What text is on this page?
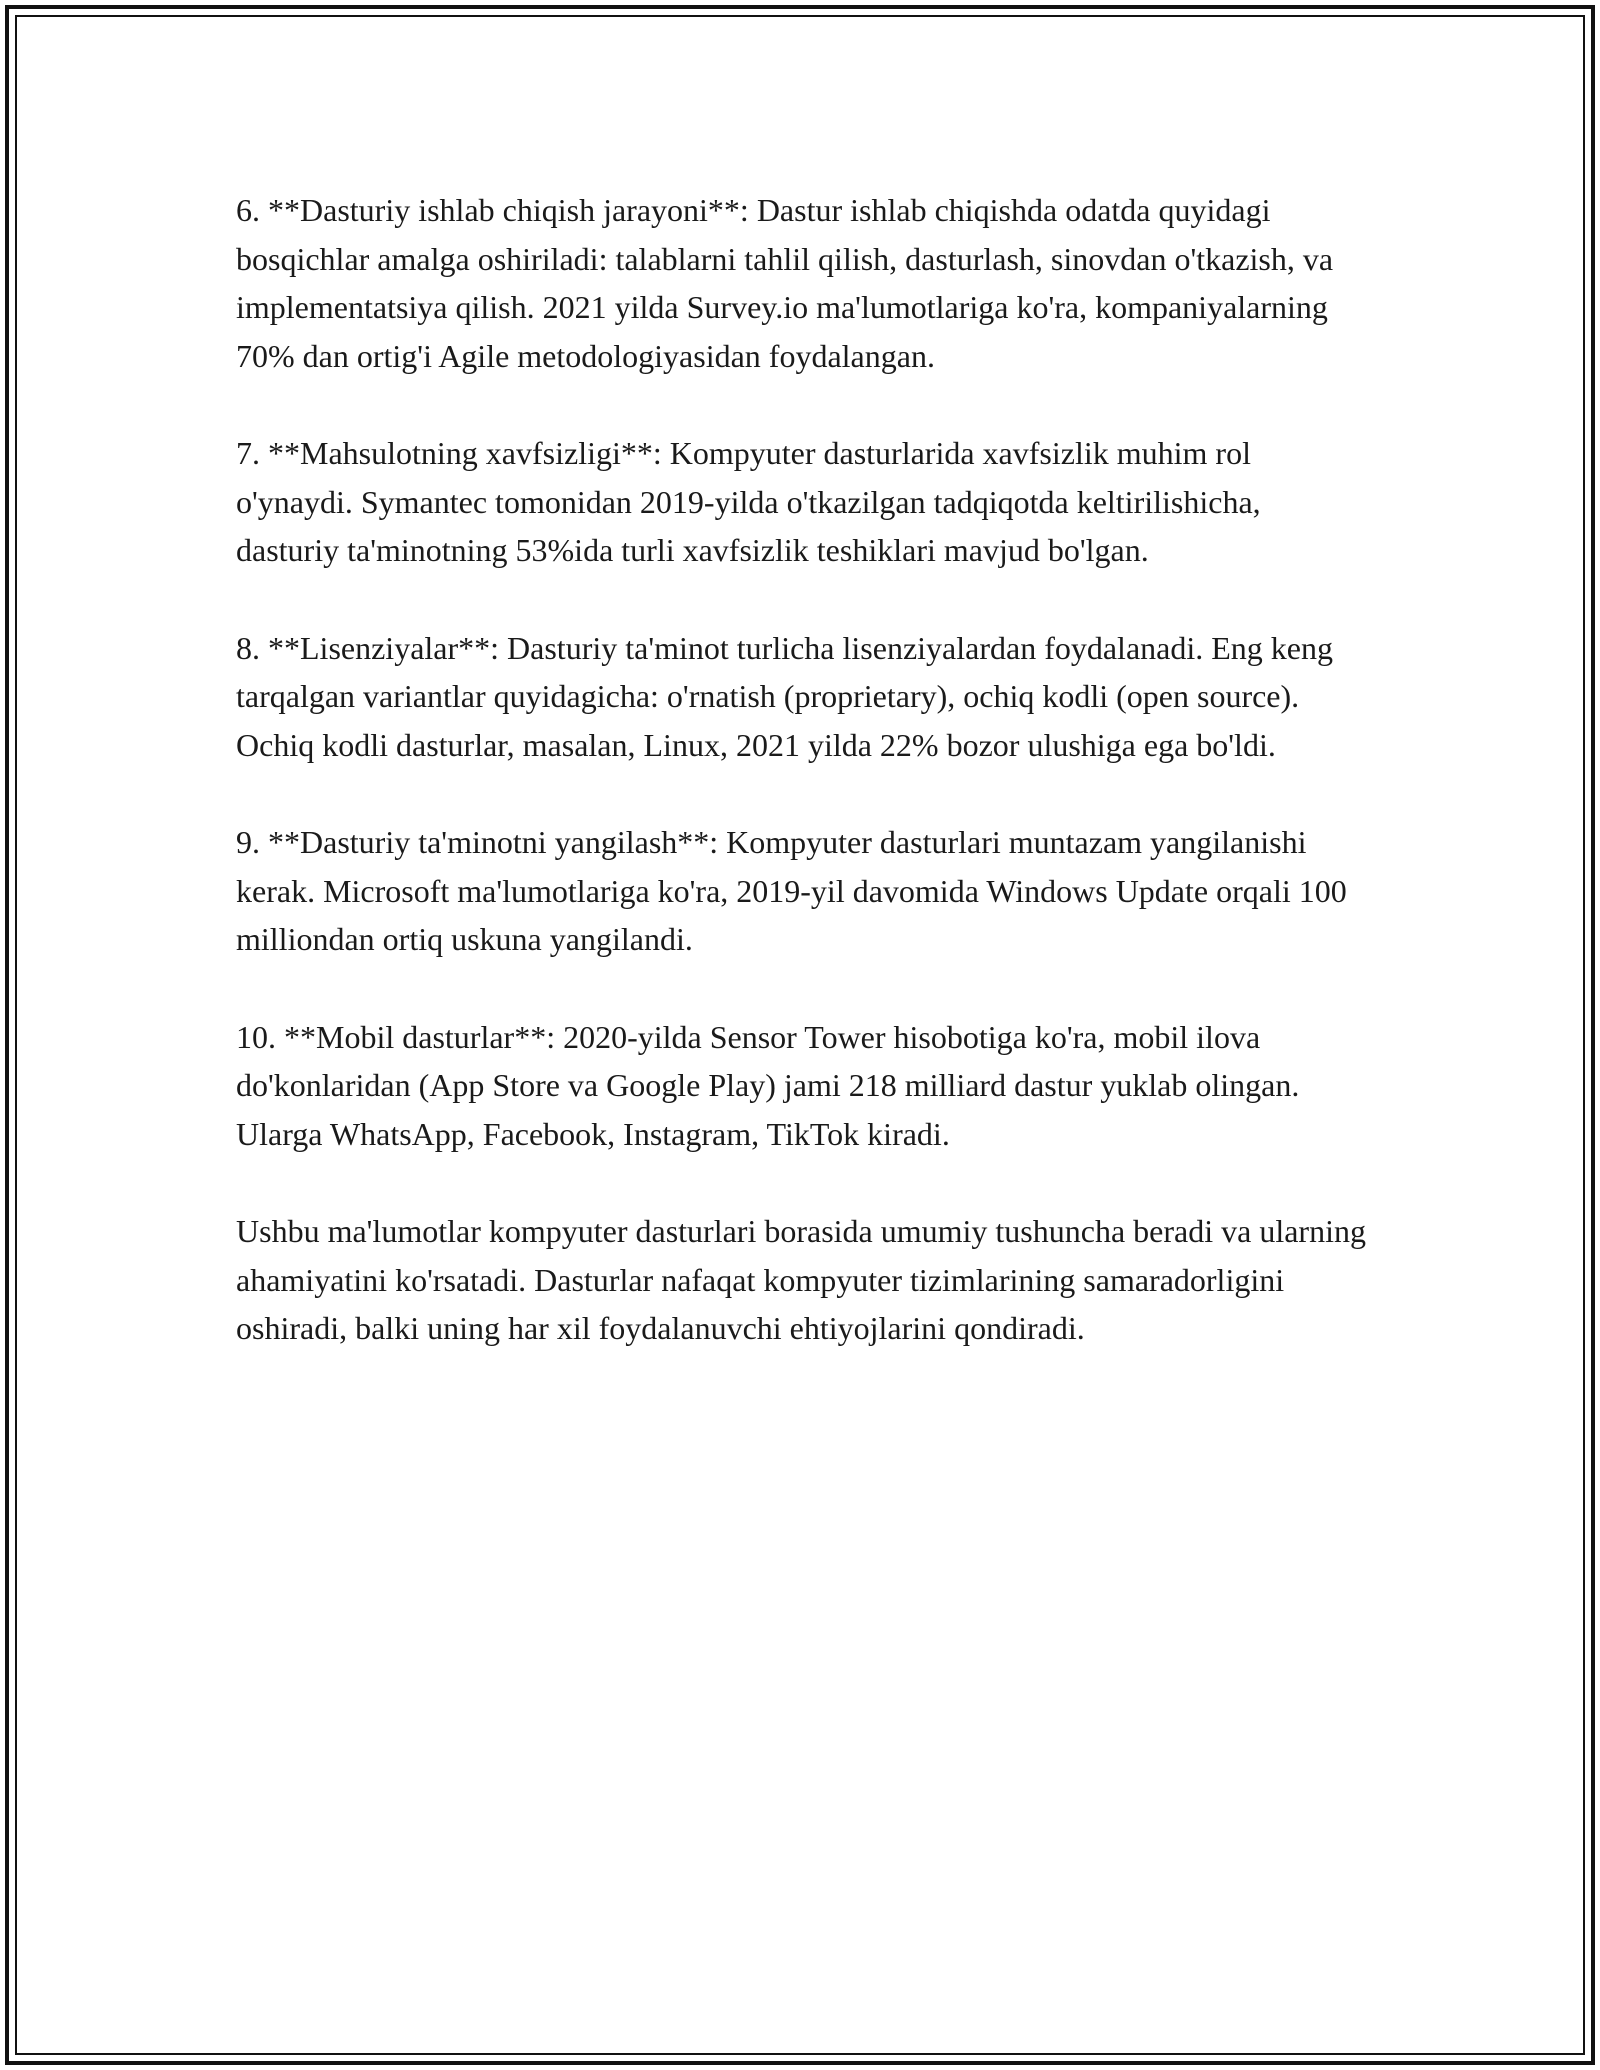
6. **Dasturiy ishlab chiqish jarayoni**: Dastur ishlab chiqishda odatda quyidagi bosqichlar amalga oshiriladi: talablarni tahlil qilish, dasturlash, sinovdan o'tkazish, va implementatsiya qilish. 2021 yilda Survey.io ma'lumotlariga ko'ra, kompaniyalarning 70% dan ortig'i Agile metodologiyasidan foydalangan.

7. **Mahsulotning xavfsizligi**: Kompyuter dasturlarida xavfsizlik muhim rol o'ynaydi. Symantec tomonidan 2019-yilda o'tkazilgan tadqiqotda keltirilishicha, dasturiy ta'minotning 53%ida turli xavfsizlik teshiklari mavjud bo'lgan.

8. **Lisenziyalar**: Dasturiy ta'minot turlicha lisenziyalardan foydalanadi. Eng keng tarqalgan variantlar quyidagicha: o'rnatish (proprietary), ochiq kodli (open source). Ochiq kodli dasturlar, masalan, Linux, 2021 yilda 22% bozor ulushiga ega bo'ldi.

9. **Dasturiy ta'minotni yangilash**: Kompyuter dasturlari muntazam yangilanishi kerak. Microsoft ma'lumotlariga ko'ra, 2019-yil davomida Windows Update orqali 100 milliondan ortiq uskuna yangilandi.

10. **Mobil dasturlar**: 2020-yilda Sensor Tower hisobotiga ko'ra, mobil ilova do'konlaridan (App Store va Google Play) jami 218 milliard dastur yuklab olingan. Ularga WhatsApp, Facebook, Instagram, TikTok kiradi.

Ushbu ma'lumotlar kompyuter dasturlari borasida umumiy tushuncha beradi va ularning ahamiyatini ko'rsatadi. Dasturlar nafaqat kompyuter tizimlarining samaradorligini oshiradi, balki uning har xil foydalanuvchi ehtiyojlarini qondiradi.
